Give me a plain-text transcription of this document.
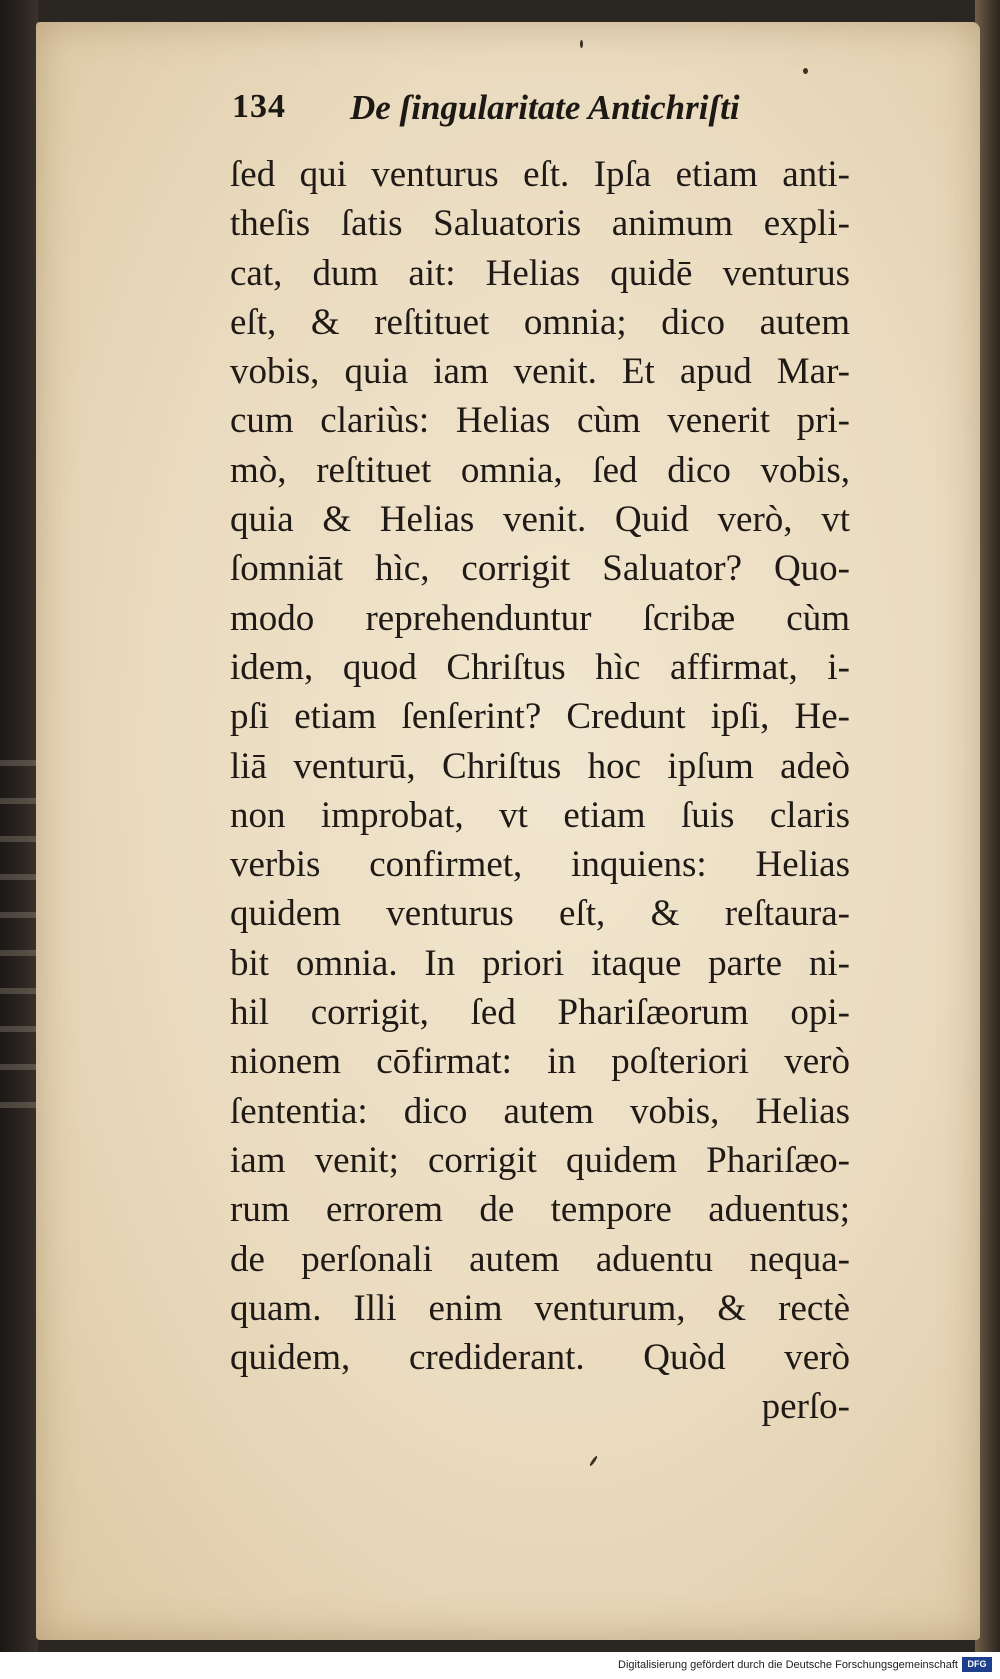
134 De ſingularitate Antichriſti
ſed qui venturus eſt. Ipſa etiam anti-
theſis ſatis Saluatoris animum expli-
cat, dum ait: Helias quidē venturus
eſt, & reſtituet omnia; dico autem
vobis, quia iam venit. Et apud Mar-
cum clariùs: Helias cùm venerit pri-
mò, reſtituet omnia, ſed dico vobis,
quia & Helias venit. Quid verò, vt
ſomniāt hìc, corrigit Saluator? Quo-
modo reprehenduntur ſcribæ cùm
idem, quod Chriſtus hìc affirmat, i-
pſi etiam ſenſerint? Credunt ipſi, He-
liā venturū, Chriſtus hoc ipſum adeò
non improbat, vt etiam ſuis claris
verbis confirmet, inquiens: Helias
quidem venturus eſt, & reſtaura-
bit omnia. In priori itaque parte ni-
hil corrigit, ſed Phariſæorum opi-
nionem cōfirmat: in poſteriori verò
ſententia: dico autem vobis, Helias
iam venit; corrigit quidem Phariſæo-
rum errorem de tempore aduentus;
de perſonali autem aduentu nequa-
quam. Illi enim venturum, & rectè
quidem, crediderant. Quòd verò
perſo-
Digitalisierung gefördert durch die Deutsche Forschungsgemeinschaft	DFG
